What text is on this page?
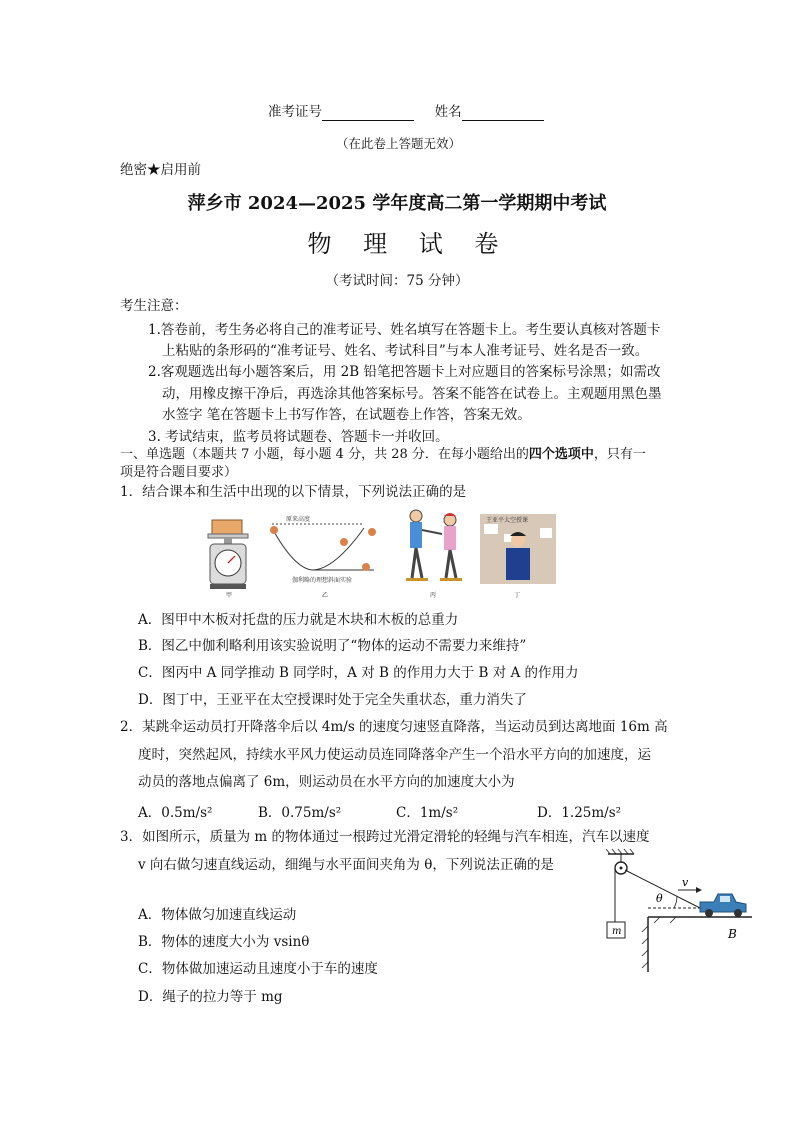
准考证号	姓名
（在此卷上答题无效）
绝密★启用前
萍乡市 2024—2025 学年度高二第一学期期中考试
物 理 试 卷
（考试时间：75 分钟）
考生注意：
1.答卷前，考生务必将自己的准考证号、姓名填写在答题卡上。考生要认真核对答题卡
上粘贴的条形码的“准考证号、姓名、考试科目”与本人准考证号、姓名是否一致。
2.客观题选出每小题答案后，用 2B 铅笔把答题卡上对应题目的答案标号涂黑；如需改
动，用橡皮擦干净后，再选涂其他答案标号。答案不能答在试卷上。主观题用黑色墨
水签字 笔在答题卡上书写作答，在试题卷上作答，答案无效。
3. 考试结束，监考员将试题卷、答题卡一并收回。
一、单选题（本题共 7 小题，每小题 4 分，共 28 分．在每小题给出的四个选项中，只有一
项是符合题目要求）
1．结合课本和生活中出现的以下情景，下列说法正确的是
甲
原来高度
伽利略的理想斜面实验
乙	丙
王亚平太空授课
丁
A．图甲中木板对托盘的压力就是木块和木板的总重力
B．图乙中伽利略利用该实验说明了“物体的运动不需要力来维持”
C．图丙中 A 同学推动 B 同学时，A 对 B 的作用力大于 B 对 A 的作用力
D．图丁中，王亚平在太空授课时处于完全失重状态，重力消失了
2．某跳伞运动员打开降落伞后以 4m/s 的速度匀速竖直降落，当运动员到达离地面 16m 高
度时，突然起风，持续水平风力使运动员连同降落伞产生一个沿水平方向的加速度，运
动员的落地点偏离了 6m，则运动员在水平方向的加速度大小为
A．0.5m/s²	B．0.75m/s²	C．1m/s²	D．1.25m/s²
3．如图所示，质量为 m 的物体通过一根跨过光滑定滑轮的轻绳与汽车相连，汽车以速度
v 向右做匀速直线运动，细绳与水平面间夹角为 θ，下列说法正确的是
m
θ
v
B
A．物体做匀加速直线运动
B．物体的速度大小为 vsinθ
C．物体做加速运动且速度小于车的速度
D．绳子的拉力等于 mg
